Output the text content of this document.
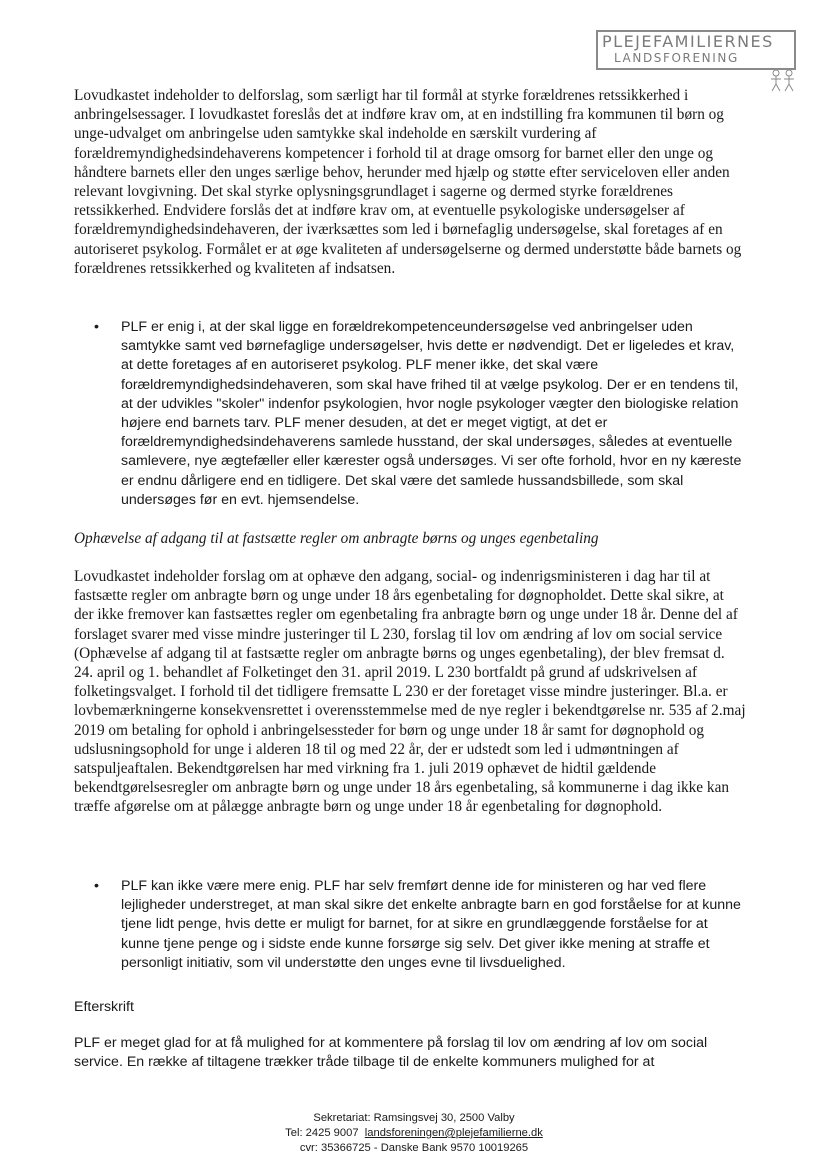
PLEJEFAMILIERNES
LANDSFORENING

Lovudkastet indeholder to delforslag, som særligt har til formål at styrke forældrenes retssikkerhed i anbringelsessager. I lovudkastet foreslås det at indføre krav om, at en indstilling fra kommunen til børn og unge-udvalget om anbringelse uden samtykke skal indeholde en særskilt vurdering af forældremyndighedsindehaverens kompetencer i forhold til at drage omsorg for barnet eller den unge og håndtere barnets eller den unges særlige behov, herunder med hjælp og støtte efter serviceloven eller anden relevant lovgivning. Det skal styrke oplysningsgrundlaget i sagerne og dermed styrke forældrenes retssikkerhed. Endvidere forslås det at indføre krav om, at eventuelle psykologiske undersøgelser af forældremyndighedsindehaveren, der iværksættes som led i børnefaglig undersøgelse, skal foretages af en autoriseret psykolog. Formålet er at øge kvaliteten af undersøgelserne og dermed understøtte både barnets og forældrenes retssikkerhed og kvaliteten af indsatsen.

• PLF er enig i, at der skal ligge en forældrekompetenceundersøgelse ved anbringelser uden samtykke samt ved børnefaglige undersøgelser, hvis dette er nødvendigt. Det er ligeledes et krav, at dette foretages af en autoriseret psykolog. PLF mener ikke, det skal være forældremyndighedsindehaveren, som skal have frihed til at vælge psykolog. Der er en tendens til, at der udvikles "skoler" indenfor psykologien, hvor nogle psykologer vægter den biologiske relation højere end barnets tarv. PLF mener desuden, at det er meget vigtigt, at det er forældremyndighedsindehaverens samlede husstand, der skal undersøges, således at eventuelle samlevere, nye ægtefæller eller kærester også undersøges. Vi ser ofte forhold, hvor en ny kæreste er endnu dårligere end en tidligere. Det skal være det samlede hussandsbillede, som skal undersøges før en evt. hjemsendelse.

Ophævelse af adgang til at fastsætte regler om anbragte børns og unges egenbetaling

Lovudkastet indeholder forslag om at ophæve den adgang, social- og indenrigsministeren i dag har til at fastsætte regler om anbragte børn og unge under 18 års egenbetaling for døgnopholdet. Dette skal sikre, at der ikke fremover kan fastsættes regler om egenbetaling fra anbragte børn og unge under 18 år. Denne del af forslaget svarer med visse mindre justeringer til L 230, forslag til lov om ændring af lov om social service (Ophævelse af adgang til at fastsætte regler om anbragte børns og unges egenbetaling), der blev fremsat d. 24. april og 1. behandlet af Folketinget den 31. april 2019. L 230 bortfaldt på grund af udskrivelsen af folketingsvalget. I forhold til det tidligere fremsatte L 230 er der foretaget visse mindre justeringer. Bl.a. er lovbemærkningerne konsekvensrettet i overensstemmelse med de nye regler i bekendtgørelse nr. 535 af 2.maj 2019 om betaling for ophold i anbringelsessteder for børn og unge under 18 år samt for døgnophold og udslusningsophold for unge i alderen 18 til og med 22 år, der er udstedt som led i udmøntningen af satspuljeaftalen. Bekendtgørelsen har med virkning fra 1. juli 2019 ophævet de hidtil gældende bekendtgørelsesregler om anbragte børn og unge under 18 års egenbetaling, så kommunerne i dag ikke kan træffe afgørelse om at pålægge anbragte børn og unge under 18 år egenbetaling for døgnophold.

• PLF kan ikke være mere enig. PLF har selv fremført denne ide for ministeren og har ved flere lejligheder understreget, at man skal sikre det enkelte anbragte barn en god forståelse for at kunne tjene lidt penge, hvis dette er muligt for barnet, for at sikre en grundlæggende forståelse for at kunne tjene penge og i sidste ende kunne forsørge sig selv. Det giver ikke mening at straffe et personligt initiativ, som vil understøtte den unges evne til livsduelighed.

Efterskrift

PLF er meget glad for at få mulighed for at kommentere på forslag til lov om ændring af lov om social service. En række af tiltagene trækker tråde tilbage til de enkelte kommuners mulighed for at

Sekretariat: Ramsingsvej 30, 2500 Valby
Tel: 2425 9007 landsforeningen@plejefamilierne.dk
cvr: 35366725 - Danske Bank 9570 10019265
